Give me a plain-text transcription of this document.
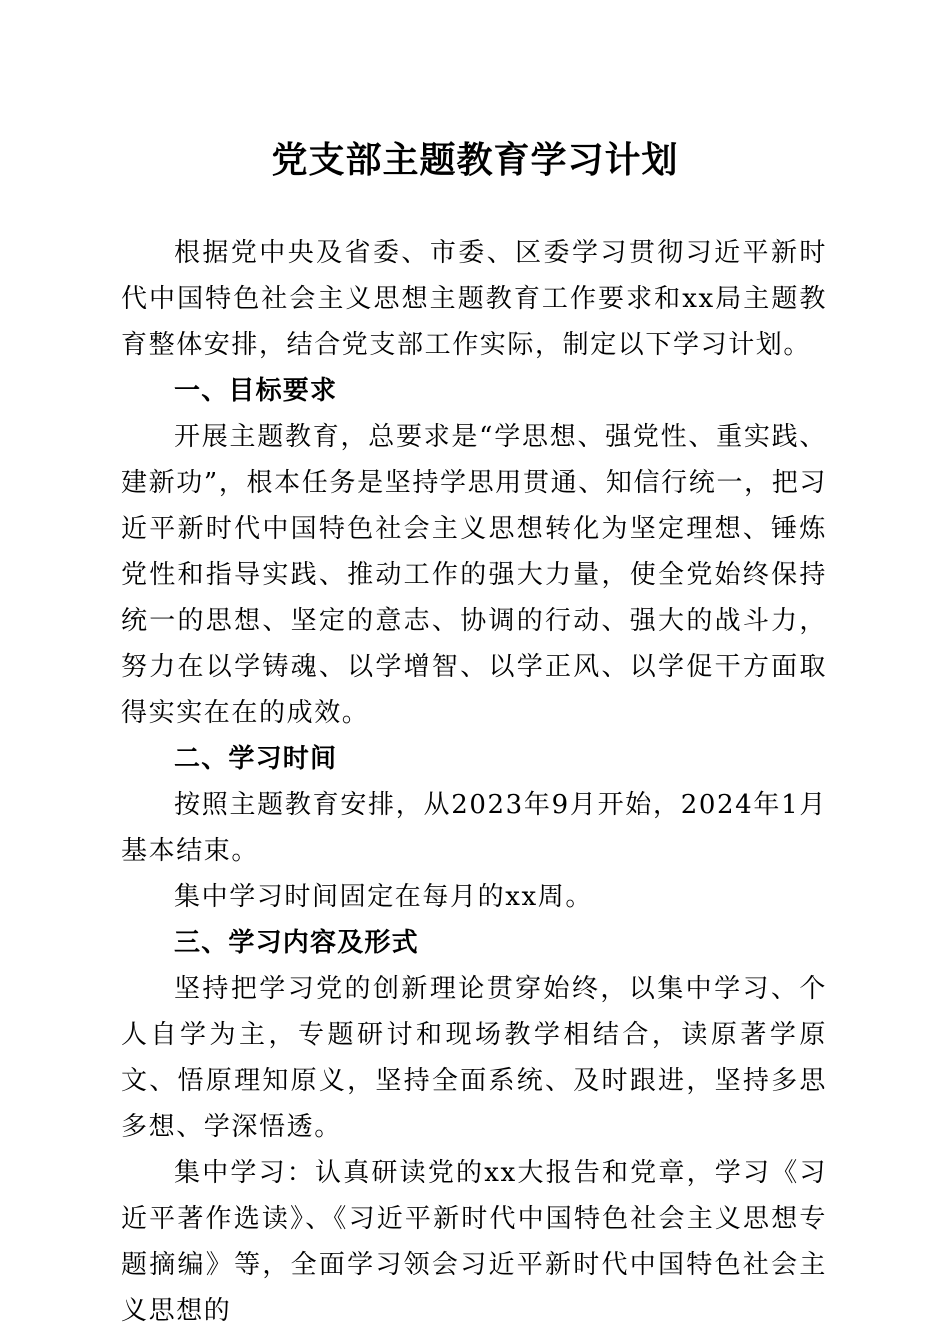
党支部主题教育学习计划

根据党中央及省委、市委、区委学习贯彻习近平新时代中国特色社会主义思想主题教育工作要求和xx局主题教育整体安排，结合党支部工作实际，制定以下学习计划。

一、目标要求

开展主题教育，总要求是“学思想、强党性、重实践、建新功”，根本任务是坚持学思用贯通、知信行统一，把习近平新时代中国特色社会主义思想转化为坚定理想、锤炼党性和指导实践、推动工作的强大力量，使全党始终保持统一的思想、坚定的意志、协调的行动、强大的战斗力，努力在以学铸魂、以学增智、以学正风、以学促干方面取得实实在在的成效。

二、学习时间

按照主题教育安排，从2023年9月开始，2024年1月基本结束。

集中学习时间固定在每月的xx周。

三、学习内容及形式

坚持把学习党的创新理论贯穿始终，以集中学习、个人自学为主，专题研讨和现场教学相结合，读原著学原文、悟原理知原义，坚持全面系统、及时跟进，坚持多思多想、学深悟透。

集中学习：认真研读党的xx大报告和党章，学习《习近平著作选读》、《习近平新时代中国特色社会主义思想专题摘编》等，全面学习领会习近平新时代中国特色社会主义思想的
